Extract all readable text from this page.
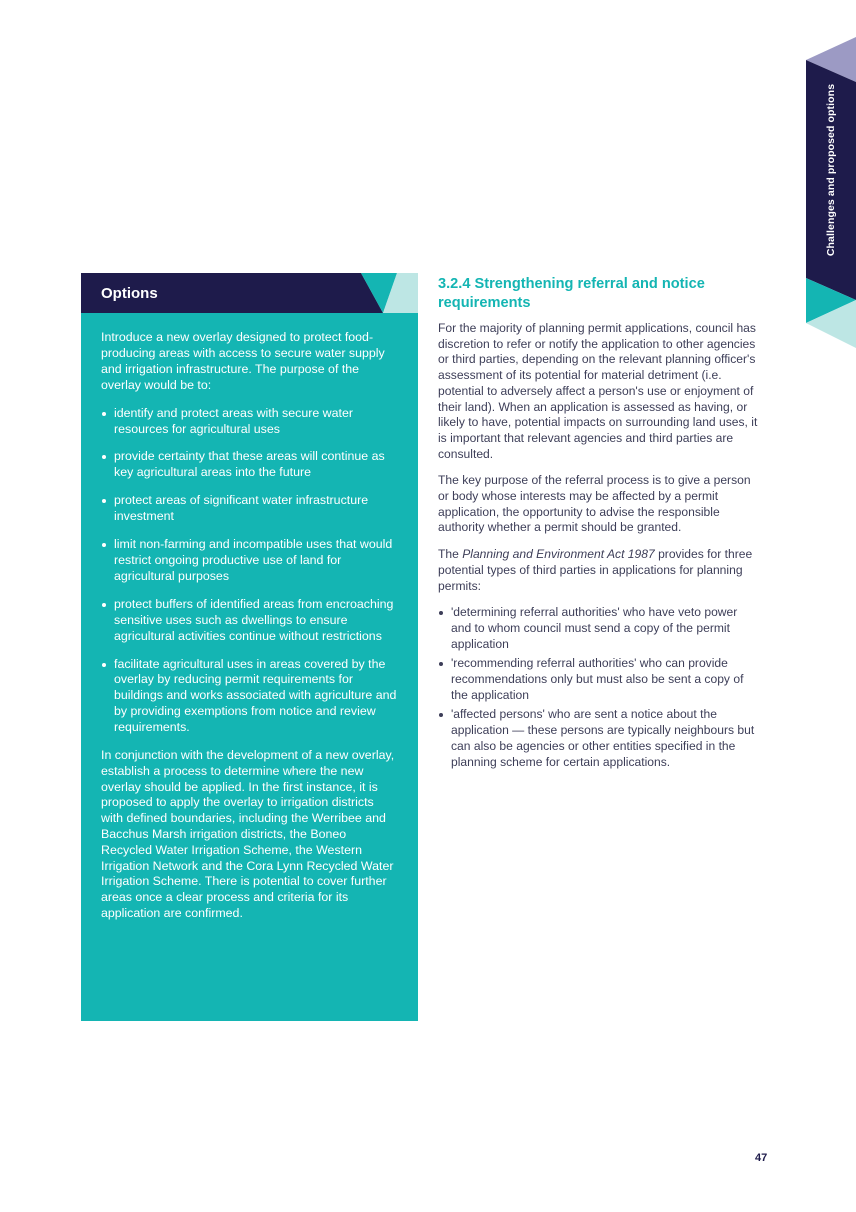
Challenges and proposed options
Options

Introduce a new overlay designed to protect food-producing areas with access to secure water supply and irrigation infrastructure. The purpose of the overlay would be to:

identify and protect areas with secure water resources for agricultural uses
provide certainty that these areas will continue as key agricultural areas into the future
protect areas of significant water infrastructure investment
limit non-farming and incompatible uses that would restrict ongoing productive use of land for agricultural purposes
protect buffers of identified areas from encroaching sensitive uses such as dwellings to ensure agricultural activities continue without restrictions
facilitate agricultural uses in areas covered by the overlay by reducing permit requirements for buildings and works associated with agriculture and by providing exemptions from notice and review requirements.

In conjunction with the development of a new overlay, establish a process to determine where the new overlay should be applied. In the first instance, it is proposed to apply the overlay to irrigation districts with defined boundaries, including the Werribee and Bacchus Marsh irrigation districts, the Boneo Recycled Water Irrigation Scheme, the Western Irrigation Network and the Cora Lynn Recycled Water Irrigation Scheme. There is potential to cover further areas once a clear process and criteria for its application are confirmed.

3.2.4 Strengthening referral and notice requirements

For the majority of planning permit applications, council has discretion to refer or notify the application to other agencies or third parties, depending on the relevant planning officer's assessment of its potential for material detriment (i.e. potential to adversely affect a person's use or enjoyment of their land). When an application is assessed as having, or likely to have, potential impacts on surrounding land uses, it is important that relevant agencies and third parties are consulted.

The key purpose of the referral process is to give a person or body whose interests may be affected by a permit application, the opportunity to advise the responsible authority whether a permit should be granted.

The Planning and Environment Act 1987 provides for three potential types of third parties in applications for planning permits:

'determining referral authorities' who have veto power and to whom council must send a copy of the permit application
'recommending referral authorities' who can provide recommendations only but must also be sent a copy of the application
'affected persons' who are sent a notice about the application — these persons are typically neighbours but can also be agencies or other entities specified in the planning scheme for certain applications.
47
